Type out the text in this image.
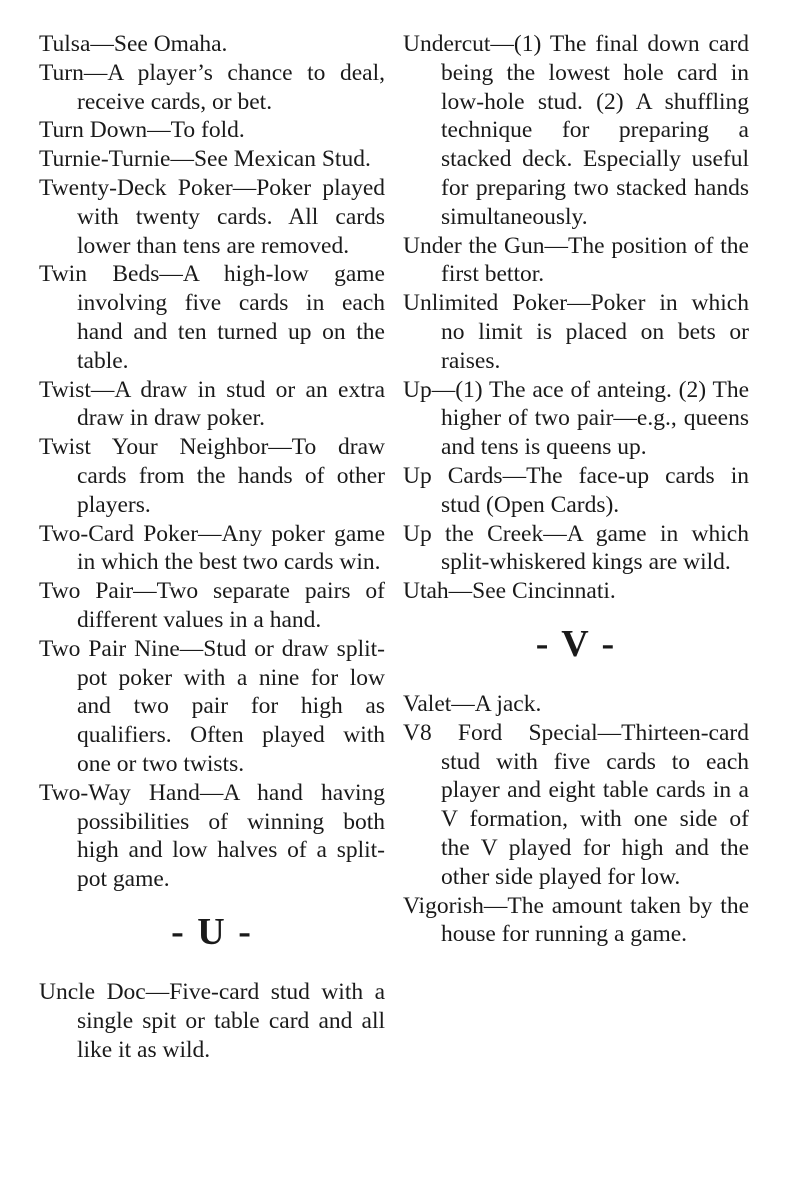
Tulsa—See Omaha.

Turn—A player’s chance to deal, receive cards, or bet.

Turn Down—To fold.

Turnie-Turnie—See Mexican Stud.

Twenty-Deck Poker—Poker played with twenty cards. All cards lower than tens are removed.

Twin Beds—A high-low game involving five cards in each hand and ten turned up on the table.

Twist—A draw in stud or an extra draw in draw poker.

Twist Your Neighbor—To draw cards from the hands of other players.

Two-Card Poker—Any poker game in which the best two cards win.

Two Pair—Two separate pairs of different values in a hand.

Two Pair Nine—Stud or draw split-pot poker with a nine for low and two pair for high as qualifiers. Often played with one or two twists.

Two-Way Hand—A hand having possibilities of winning both high and low halves of a split-pot game.

- U -

Uncle Doc—Five-card stud with a single spit or table card and all like it as wild.

Undercut—(1) The final down card being the lowest hole card in low-hole stud. (2) A shuffling technique for preparing a stacked deck. Especially useful for preparing two stacked hands simultaneously.

Under the Gun—The position of the first bettor.

Unlimited Poker—Poker in which no limit is placed on bets or raises.

Up—(1) The ace of anteing. (2) The higher of two pair—e.g., queens and tens is queens up.

Up Cards—The face-up cards in stud (Open Cards).

Up the Creek—A game in which split-whiskered kings are wild.

Utah—See Cincinnati.

- V -

Valet—A jack.

V8 Ford Special—Thirteen-card stud with five cards to each player and eight table cards in a V formation, with one side of the V played for high and the other side played for low.

Vigorish—The amount taken by the house for running a game.
